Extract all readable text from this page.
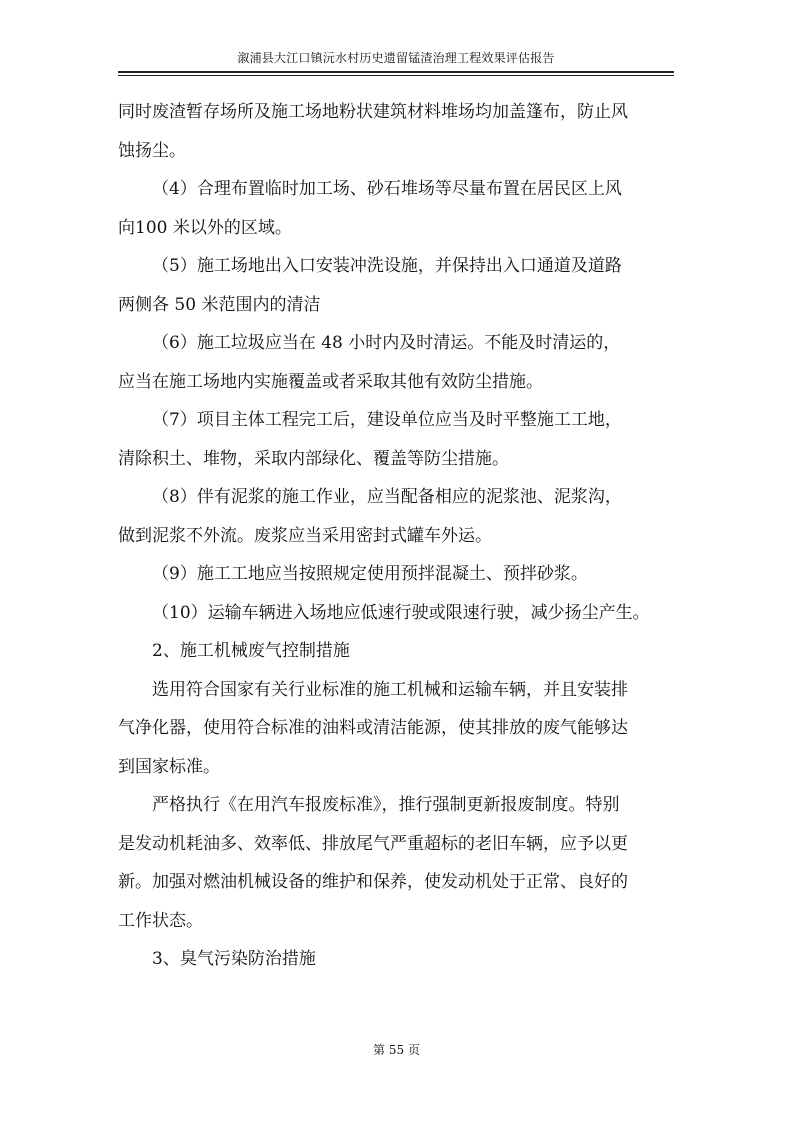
溆浦县大江口镇沅水村历史遗留锰渣治理工程效果评估报告
同时废渣暂存场所及施工场地粉状建筑材料堆场均加盖篷布，防止风
蚀扬尘。
（4）合理布置临时加工场、砂石堆场等尽量布置在居民区上风
向100 米以外的区域。
（5）施工场地出入口安装冲洗设施，并保持出入口通道及道路
两侧各 50 米范围内的清洁
（6）施工垃圾应当在 48 小时内及时清运。不能及时清运的，
应当在施工场地内实施覆盖或者采取其他有效防尘措施。
（7）项目主体工程完工后，建设单位应当及时平整施工工地，
清除积土、堆物，采取内部绿化、覆盖等防尘措施。
（8）伴有泥浆的施工作业，应当配备相应的泥浆池、泥浆沟，
做到泥浆不外流。废浆应当采用密封式罐车外运。
（9）施工工地应当按照规定使用预拌混凝土、预拌砂浆。
（10）运输车辆进入场地应低速行驶或限速行驶，减少扬尘产生。
2、施工机械废气控制措施
选用符合国家有关行业标准的施工机械和运输车辆，并且安装排
气净化器，使用符合标准的油料或清洁能源，使其排放的废气能够达
到国家标准。
严格执行《在用汽车报废标准》，推行强制更新报废制度。特别
是发动机耗油多、效率低、排放尾气严重超标的老旧车辆，应予以更
新。加强对燃油机械设备的维护和保养，使发动机处于正常、良好的
工作状态。
3、臭气污染防治措施
第 55 页
